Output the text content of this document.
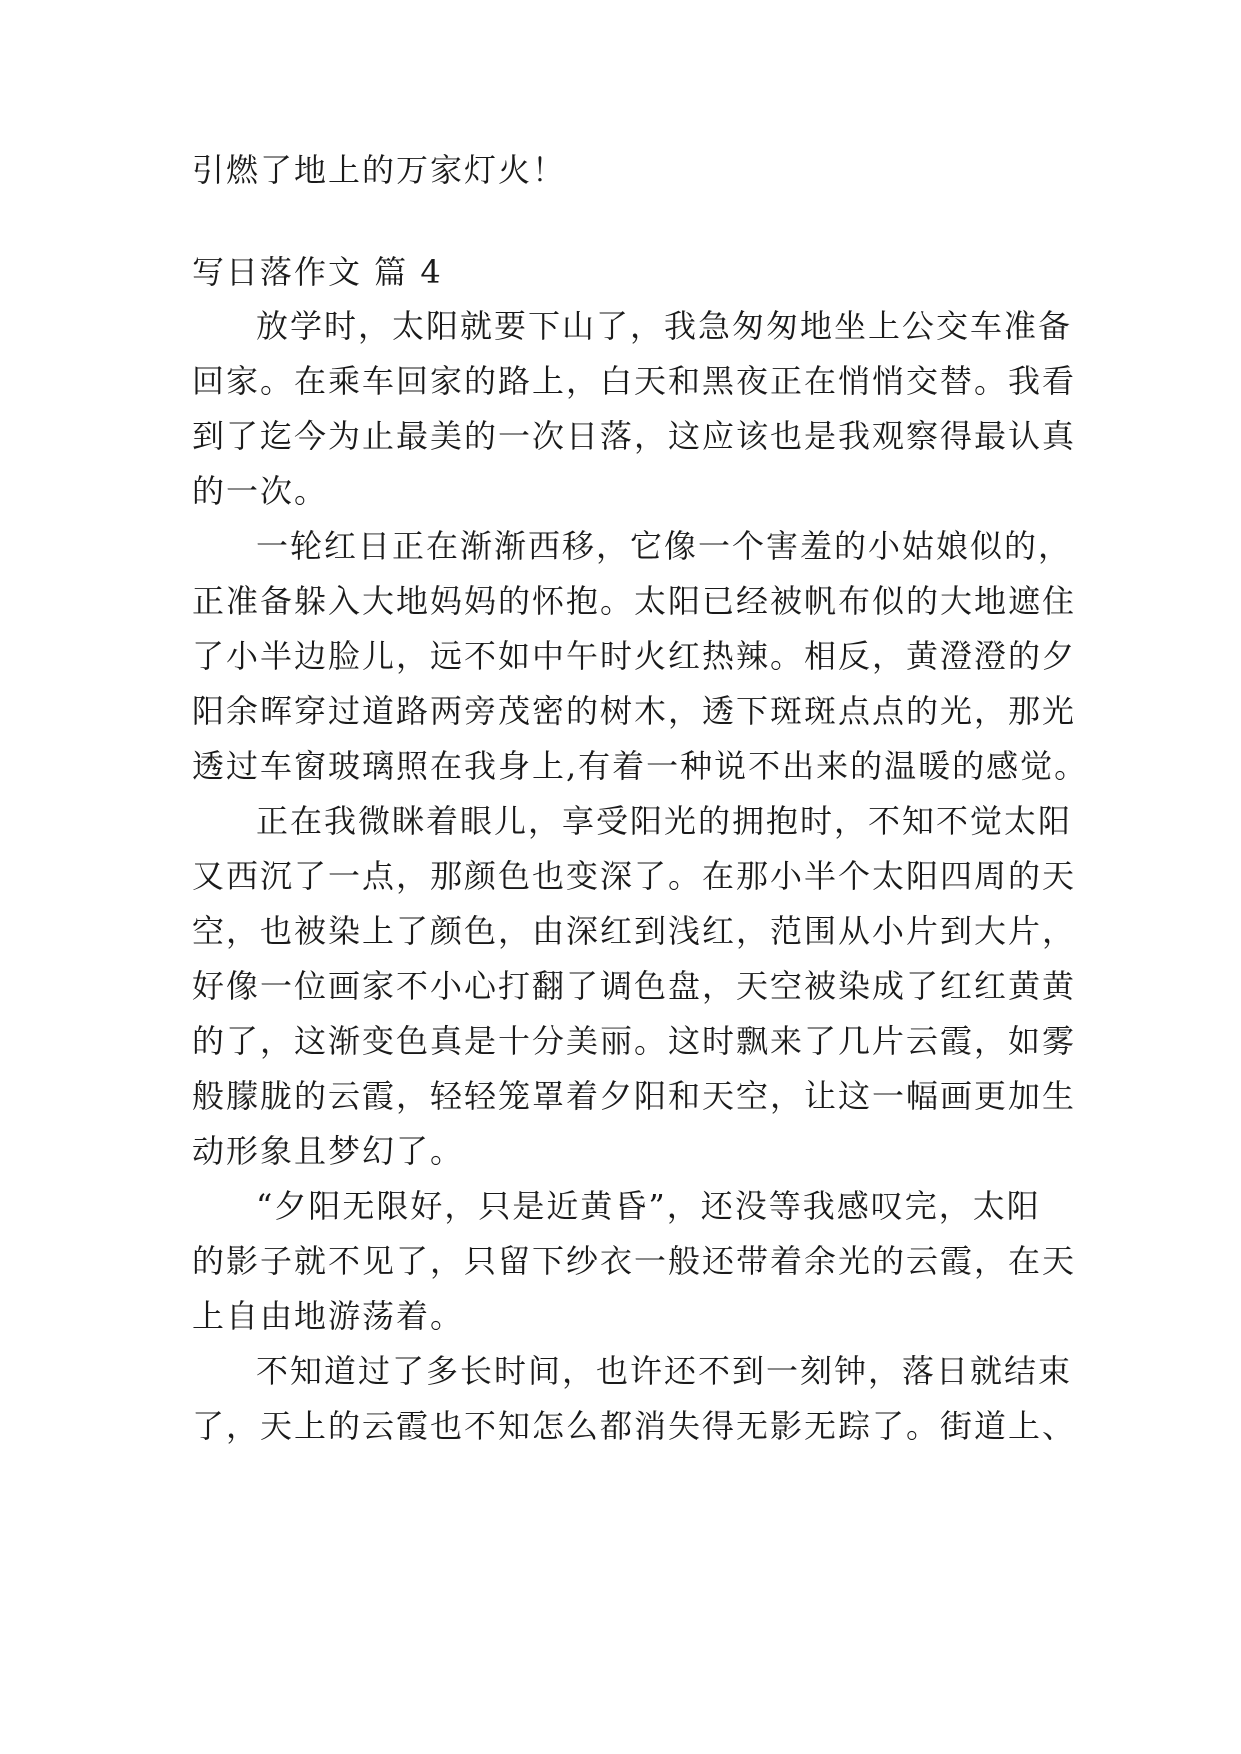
引燃了地上的万家灯火！
写日落作文 篇 4
放学时，太阳就要下山了，我急匆匆地坐上公交车准备
回家。在乘车回家的路上，白天和黑夜正在悄悄交替。我看
到了迄今为止最美的一次日落，这应该也是我观察得最认真
的一次。
一轮红日正在渐渐西移，它像一个害羞的小姑娘似的，
正准备躲入大地妈妈的怀抱。太阳已经被帆布似的大地遮住
了小半边脸儿，远不如中午时火红热辣。相反，黄澄澄的夕
阳余晖穿过道路两旁茂密的树木，透下斑斑点点的光，那光
透过车窗玻璃照在我身上,有着一种说不出来的温暖的感觉。
正在我微眯着眼儿，享受阳光的拥抱时，不知不觉太阳
又西沉了一点，那颜色也变深了。在那小半个太阳四周的天
空，也被染上了颜色，由深红到浅红，范围从小片到大片，
好像一位画家不小心打翻了调色盘，天空被染成了红红黄黄
的了，这渐变色真是十分美丽。这时飘来了几片云霞，如雾
般朦胧的云霞，轻轻笼罩着夕阳和天空，让这一幅画更加生
动形象且梦幻了。
“夕阳无限好，只是近黄昏”，还没等我感叹完，太阳
的影子就不见了，只留下纱衣一般还带着余光的云霞，在天
上自由地游荡着。
不知道过了多长时间，也许还不到一刻钟，落日就结束
了，天上的云霞也不知怎么都消失得无影无踪了。街道上、
